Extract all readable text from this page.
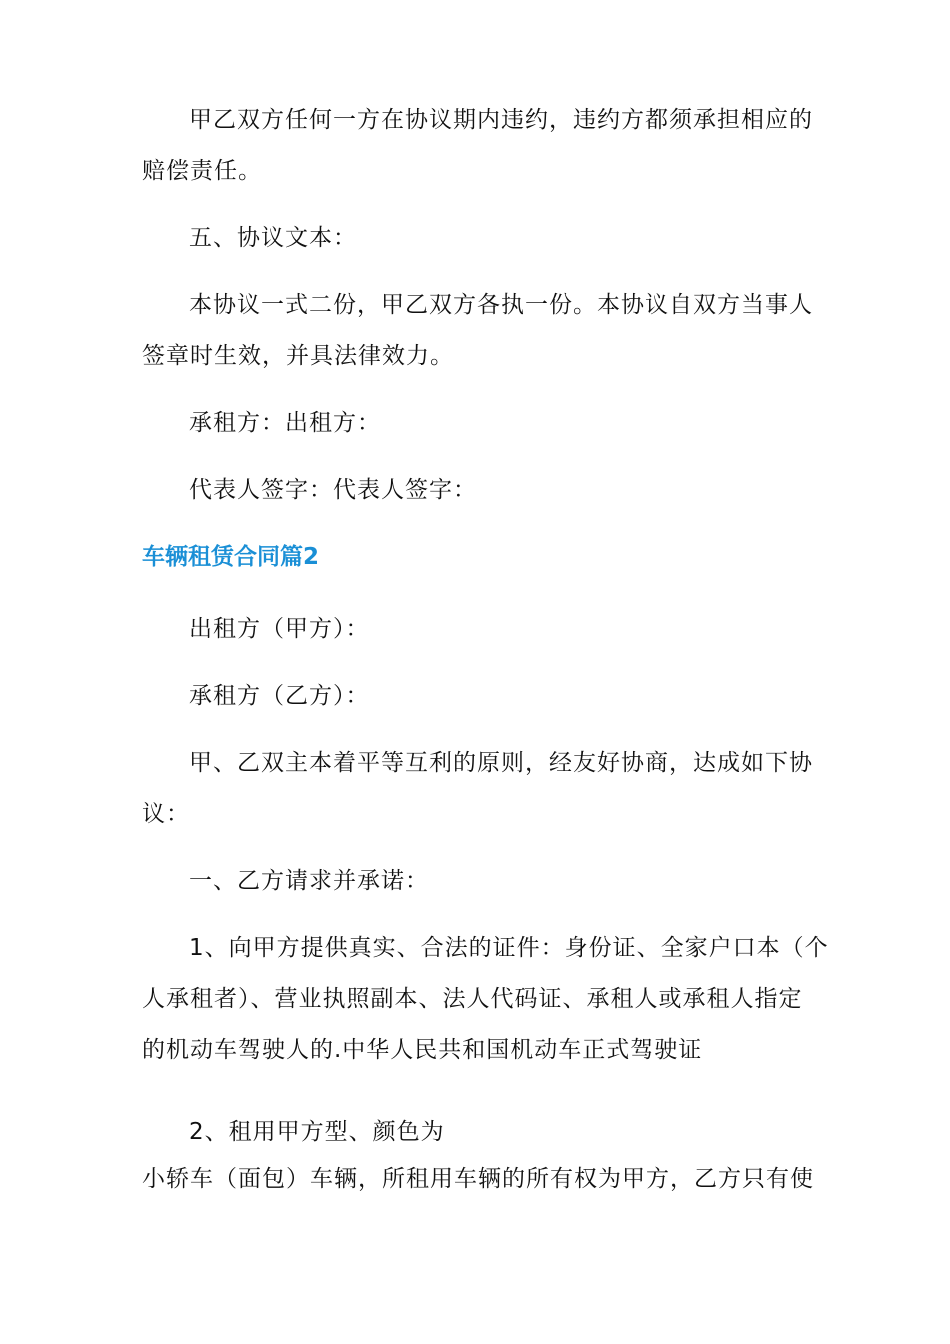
甲乙双方任何一方在协议期内违约，违约方都须承担相应的

赔偿责任。

五、协议文本：

本协议一式二份，甲乙双方各执一份。本协议自双方当事人

签章时生效，并具法律效力。

承租方：出租方：

代表人签字：代表人签字：

车辆租赁合同篇2

出租方（甲方）：

承租方（乙方）：

甲、乙双主本着平等互利的原则，经友好协商，达成如下协

议：

一、乙方请求并承诺：

1、向甲方提供真实、合法的证件：身份证、全家户口本（个

人承租者）、营业执照副本、法人代码证、承租人或承租人指定

的机动车驾驶人的.中华人民共和国机动车正式驾驶证

2、租用甲方型、颜色为

小轿车（面包）车辆，所租用车辆的所有权为甲方，乙方只有使
